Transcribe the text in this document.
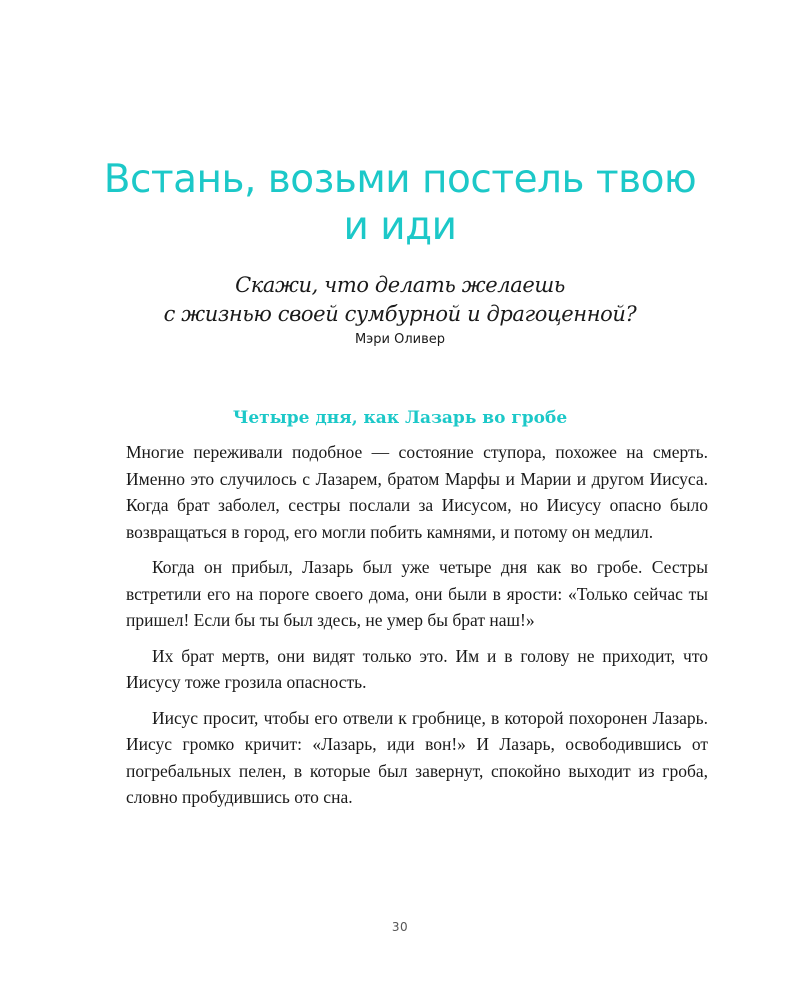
Встань, возьми постель твою
и иди
Скажи, что делать желаешь
с жизнью своей сумбурной и драгоценной?
Мэри Оливер
Четыре дня, как Лазарь во гробе

Многие переживали подобное — состояние ступора, похожее на смерть. Именно это случилось с Лазарем, братом Марфы и Марии и другом Иисуса. Когда брат заболел, сестры послали за Иисусом, но Иисусу опасно было возвращаться в город, его могли побить камнями, и потому он медлил.

Когда он прибыл, Лазарь был уже четыре дня как во гробе. Сестры встретили его на пороге своего дома, они были в ярости: «Только сейчас ты пришел! Если бы ты был здесь, не умер бы брат наш!»

Их брат мертв, они видят только это. Им и в голову не приходит, что Иисусу тоже грозила опасность.

Иисус просит, чтобы его отвели к гробнице, в которой похоронен Лазарь. Иисус громко кричит: «Лазарь, иди вон!» И Лазарь, освободившись от погребальных пелен, в которые был завернут, спокойно выходит из гроба, словно пробудившись ото сна.

30
